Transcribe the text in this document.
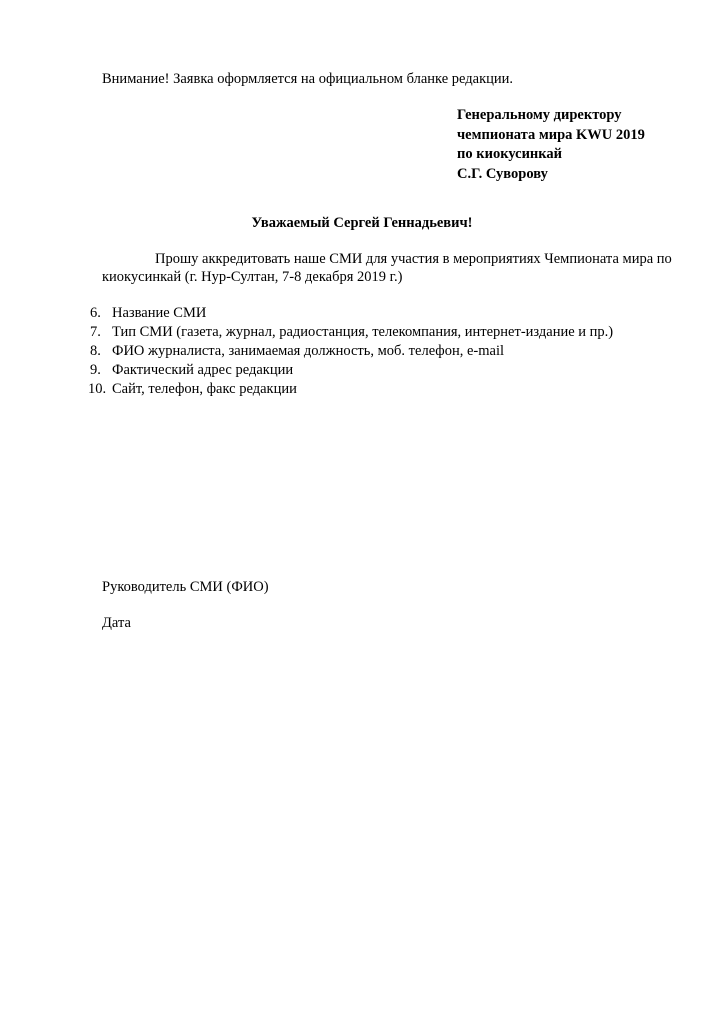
Внимание! Заявка оформляется на официальном бланке редакции.
Генеральному директору
чемпионата мира KWU 2019
по киокусинкай
С.Г. Суворову
Уважаемый Сергей Геннадьевич!
Прошу аккредитовать наше СМИ для участия в мероприятиях Чемпионата мира по
киокусинкай (г. Нур-Султан, 7-8 декабря 2019 г.)
6. Название СМИ
7. Тип СМИ (газета, журнал, радиостанция, телекомпания, интернет-издание и пр.)
8. ФИО журналиста, занимаемая должность, моб. телефон, e-mail
9. Фактический адрес редакции
10. Сайт, телефон, факс редакции
Руководитель СМИ (ФИО)
Дата
